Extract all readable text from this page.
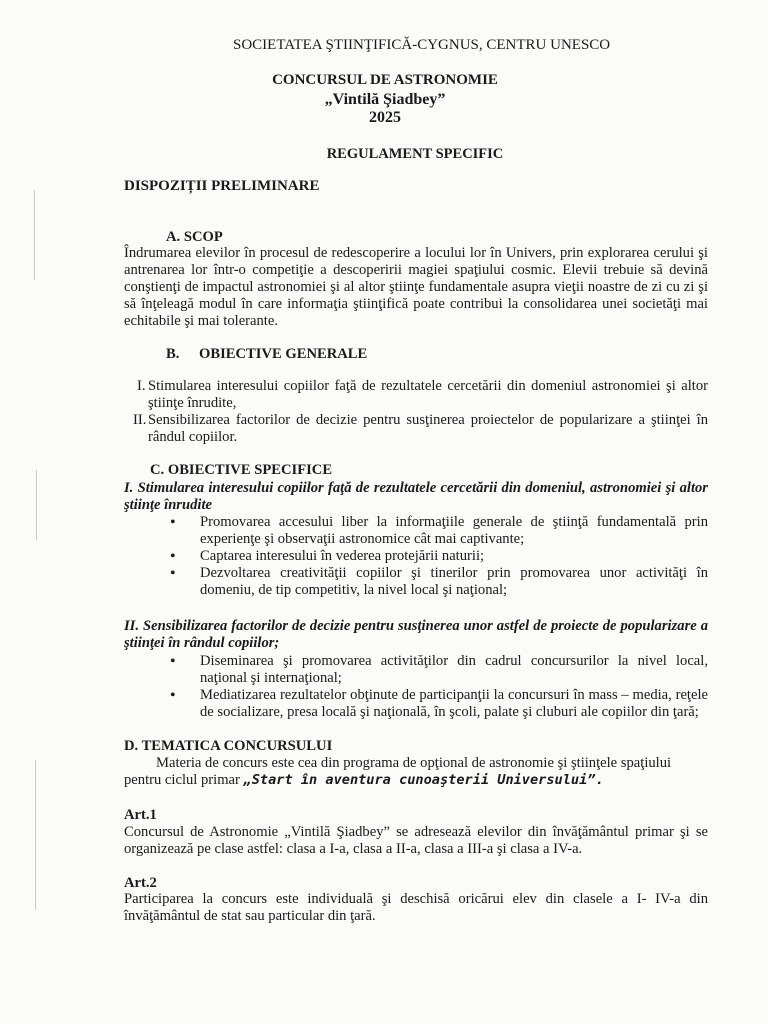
SOCIETATEA ŞTIINŢIFICĂ-CYGNUS, CENTRU UNESCO
CONCURSUL DE ASTRONOMIE
„Vintilă Şiadbey”
2025
REGULAMENT SPECIFIC
DISPOZIȚII PRELIMINARE
A. SCOP
Îndrumarea elevilor în procesul de redescoperire a locului lor în Univers, prin explorarea cerului şi antrenarea lor într-o competiţie a descoperirii magiei spaţiului cosmic. Elevii trebuie să devină conştienţi de impactul astronomiei şi al altor ştiinţe fundamentale asupra vieţii noastre de zi cu zi şi să înţeleagă modul în care informaţia ştiinţifică poate contribui la consolidarea unei societăţi mai echitabile şi mai tolerante.
B. OBIECTIVE GENERALE
I. Stimularea interesului copiilor faţă de rezultatele cercetării din domeniul astronomiei şi altor ştiinţe înrudite,
II. Sensibilizarea factorilor de decizie pentru susţinerea proiectelor de popularizare a ştiinţei în rândul copiilor.
C. OBIECTIVE SPECIFICE
I. Stimularea interesului copiilor faţă de rezultatele cercetării din domeniul, astronomiei şi altor ştiinţe înrudite
• Promovarea accesului liber la informaţiile generale de ştiinţă fundamentală prin experienţe şi observaţii astronomice cât mai captivante;
• Captarea interesului în vederea protejării naturii;
• Dezvoltarea creativităţii copiilor şi tinerilor prin promovarea unor activităţi în domeniu, de tip competitiv, la nivel local şi naţional;
II. Sensibilizarea factorilor de decizie pentru susţinerea unor astfel de proiecte de popularizare a ştiinţei în rândul copiilor;
• Diseminarea şi promovarea activităţilor din cadrul concursurilor la nivel local, naţional şi internaţional;
• Mediatizarea rezultatelor obţinute de participanţii la concursuri în mass – media, reţele de socializare, presa locală şi naţională, în şcoli, palate şi cluburi ale copiilor din ţară;
D. TEMATICA CONCURSULUI
Materia de concurs este cea din programa de opţional de astronomie şi ştiinţele spaţiului
pentru ciclul primar „Start în aventura cunoaşterii Universului”.
Art.1
Concursul de Astronomie „Vintilă Şiadbey” se adresează elevilor din învăţământul primar şi se organizează pe clase astfel: clasa a I-a, clasa a II-a, clasa a III-a şi clasa a IV-a.
Art.2
Participarea la concurs este individuală şi deschisă oricărui elev din clasele a I- IV-a din învăţământul de stat sau particular din ţară.
